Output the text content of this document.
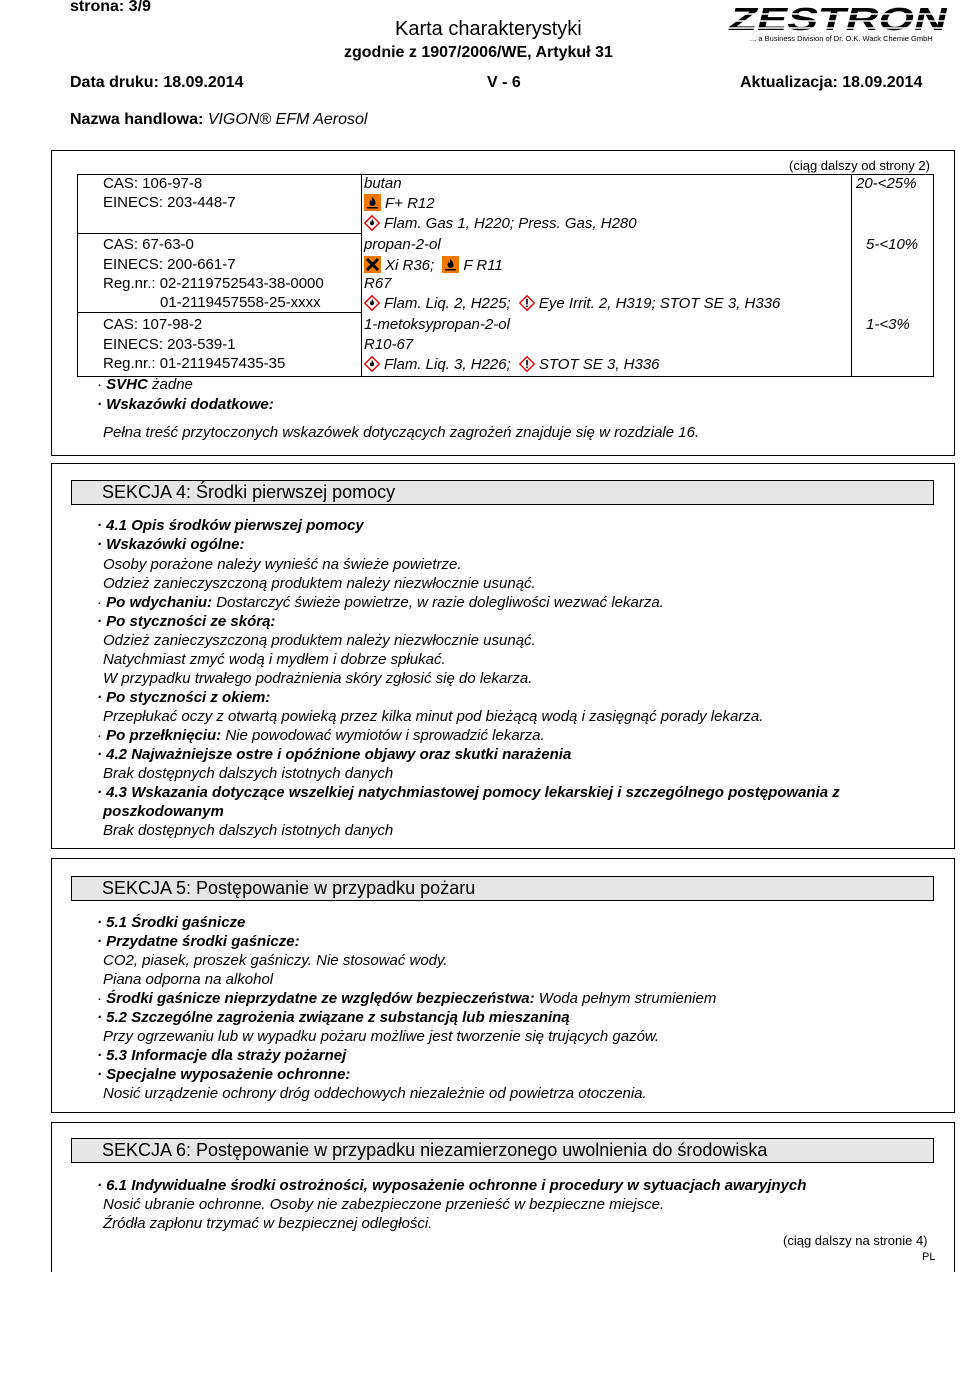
strona: 3/9
Karta charakterystyki
zgodnie z 1907/2006/WE, Artykuł 31
Data druku: 18.09.2014	V - 6	Aktualizacja: 18.09.2014
ZESTRON
... a Business Division of Dr. O.K. Wack Chemie GmbH
Nazwa handlowa: VIGON® EFM Aerosol
(ciąg dalszy od strony 2)
CAS: 106-97-8
EINECS: 203-448-7
butan
F+ R12
Flam. Gas 1, H220; Press. Gas, H280
20-<25%
CAS: 67-63-0
EINECS: 200-661-7
Reg.nr.: 02-2119752543-38-0000
01-2119457558-25-xxxx
propan-2-ol
Xi R36; F R11
R67
Flam. Liq. 2, H225; Eye Irrit. 2, H319; STOT SE 3, H336
5-<10%
CAS: 107-98-2
EINECS: 203-539-1
Reg.nr.: 01-2119457435-35
1-metoksypropan-2-ol
R10-67
Flam. Liq. 3, H226; STOT SE 3, H336
1-<3%
· SVHC żadne
· Wskazówki dodatkowe:
Pełna treść przytoczonych wskazówek dotyczących zagrożeń znajduje się w rozdziale 16.
SEKCJA 4: Środki pierwszej pomocy
· 4.1 Opis środków pierwszej pomocy
· Wskazówki ogólne:
Osoby porażone należy wynieść na świeże powietrze.
Odzież zanieczyszczoną produktem należy niezwłocznie usunąć.
· Po wdychaniu: Dostarczyć świeże powietrze, w razie dolegliwości wezwać lekarza.
· Po styczności ze skórą:
Odzież zanieczyszczoną produktem należy niezwłocznie usunąć.
Natychmiast zmyć wodą i mydłem i dobrze spłukać.
W przypadku trwałego podrażnienia skóry zgłosić się do lekarza.
· Po styczności z okiem:
Przepłukać oczy z otwartą powieką przez kilka minut pod bieżącą wodą i zasięgnąć porady lekarza.
· Po przełknięciu: Nie powodować wymiotów i sprowadzić lekarza.
· 4.2 Najważniejsze ostre i opóźnione objawy oraz skutki narażenia
Brak dostępnych dalszych istotnych danych
· 4.3 Wskazania dotyczące wszelkiej natychmiastowej pomocy lekarskiej i szczególnego postępowania z
poszkodowanym
Brak dostępnych dalszych istotnych danych
SEKCJA 5: Postępowanie w przypadku pożaru
· 5.1 Środki gaśnicze
· Przydatne środki gaśnicze:
CO2, piasek, proszek gaśniczy. Nie stosować wody.
Piana odporna na alkohol
· Środki gaśnicze nieprzydatne ze względów bezpieczeństwa: Woda pełnym strumieniem
· 5.2 Szczególne zagrożenia związane z substancją lub mieszaniną
Przy ogrzewaniu lub w wypadku pożaru możliwe jest tworzenie się trujących gazów.
· 5.3 Informacje dla straży pożarnej
· Specjalne wyposażenie ochronne:
Nosić urządzenie ochrony dróg oddechowych niezależnie od powietrza otoczenia.
SEKCJA 6: Postępowanie w przypadku niezamierzonego uwolnienia do środowiska
· 6.1 Indywidualne środki ostrożności, wyposażenie ochronne i procedury w sytuacjach awaryjnych
Nosić ubranie ochronne. Osoby nie zabezpieczone przenieść w bezpieczne miejsce.
Źródła zapłonu trzymać w bezpiecznej odległości.
(ciąg dalszy na stronie 4)
PL
